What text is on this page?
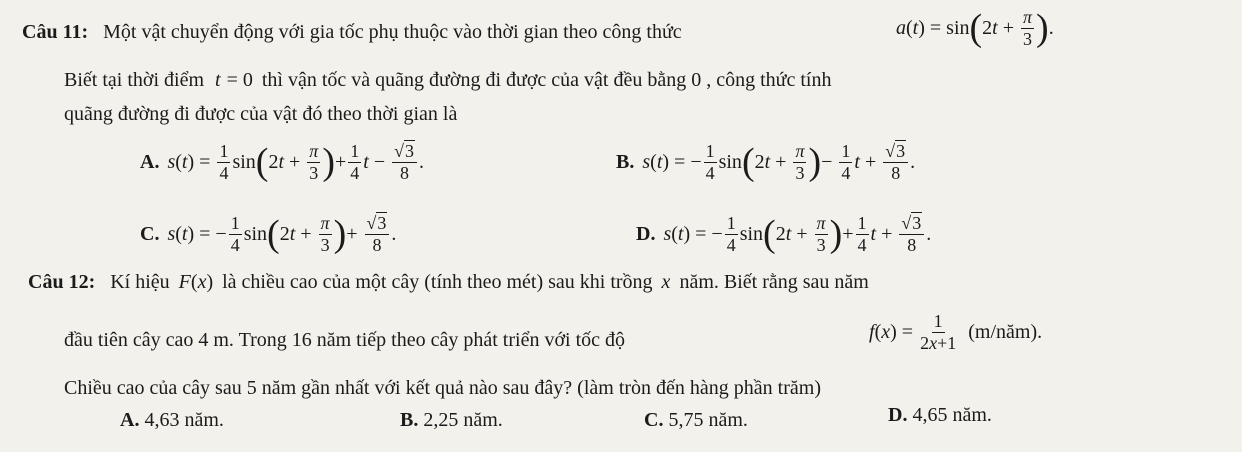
Câu 11: Một vật chuyển động với gia tốc phụ thuộc vào thời gian theo công thức	a ( t ) = sin ( 2 $t + \frac{\pi}{3}$ ) .
Biết tại thời điểm t = 0 thì vận tốc và quãng đường đi được của vật đều bằng 0 , công thức tính
quãng đường đi được của vật đó theo thời gian là
A. s ( t ) = $\frac{1}{4}$ sin ( 2 $t + \frac{\pi}{3}$ ) + $\frac{1}{4}$ $t - \frac{√3}{8}$ .	B. s ( t ) = − $\frac{1}{4}$ sin ( 2 $t + \frac{\pi}{3}$ ) − $\frac{1}{4}$ $t + \frac{√3}{8}$ .
C. s ( t ) = − $\frac{1}{4}$ sin ( 2 $t + \frac{\pi}{3}$ ) + $\frac{√3}{8}$ .	D. s ( t ) = − $\frac{1}{4}$ sin ( 2 $t + \frac{\pi}{3}$ ) + $\frac{1}{4}$ $t + \frac{√3}{8}$ .
Câu 12: Kí hiệu F(x) là chiều cao của một cây (tính theo mét) sau khi trồng x năm. Biết rằng sau năm
đầu tiên cây cao 4 m. Trong 16 năm tiếp theo cây phát triển với tốc độ	f ( x ) = $\frac{1}{2x+1}$ (m/năm).
Chiều cao của cây sau 5 năm gần nhất với kết quả nào sau đây? (làm tròn đến hàng phần trăm)
A. 4,63 năm.	B. 2,25 năm.	C. 5,75 năm.	D. 4,65 năm.
